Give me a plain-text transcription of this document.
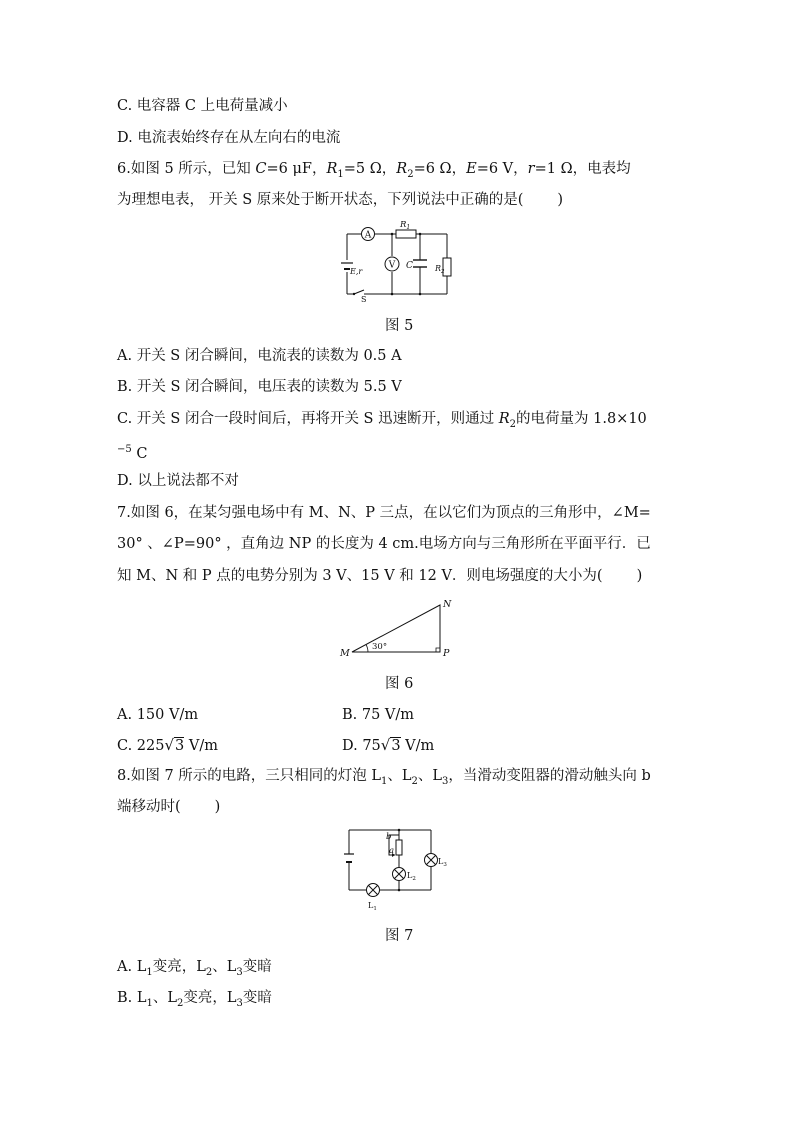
C. 电容器 C 上电荷量减小
D. 电流表始终存在从左向右的电流
6.如图 5 所示，已知 C=6 μF，$R_1=5$ Ω，$R_2=6$ Ω，E=6 V，r=1 Ω，电表均
为理想电表， 开关 S 原来处于断开状态，下列说法中正确的是( )
A
$R_1$
V C	$R_2$
E,r
S
图 5
A. 开关 S 闭合瞬间，电流表的读数为 0.5 A
B. 开关 S 闭合瞬间，电压表的读数为 5.5 V
C. 开关 S 闭合一段时间后，再将开关 S 迅速断开，则通过 $R_2$的电荷量为 1.8×10
$^{-5}$ C
D. 以上说法都不对
7.如图 6，在某匀强电场中有 M、N、P 三点，在以它们为顶点的三角形中，∠M=
30° 、∠P=90° ，直角边 NP 的长度为 4 cm.电场方向与三角形所在平面平行．已
知 M、N 和 P 点的电势分别为 3 V、15 V 和 12 V．则电场强度的大小为( )
M
N
P
30°
图 6
A. 150 V/m	B. 75 V/m
C. 225√3 V/m	D. 75√3 V/m
8.如图 7 所示的电路，三只相同的灯泡 $L_1$、$L_2$、$L_3$，当滑动变阻器的滑动触头向 b
端移动时( )
b
a
$L_2$
$L_3$
$L_1$
图 7
A. $L_1$变亮，$L_2$、$L_3$变暗
B. $L_1$、$L_2$变亮，$L_3$变暗
